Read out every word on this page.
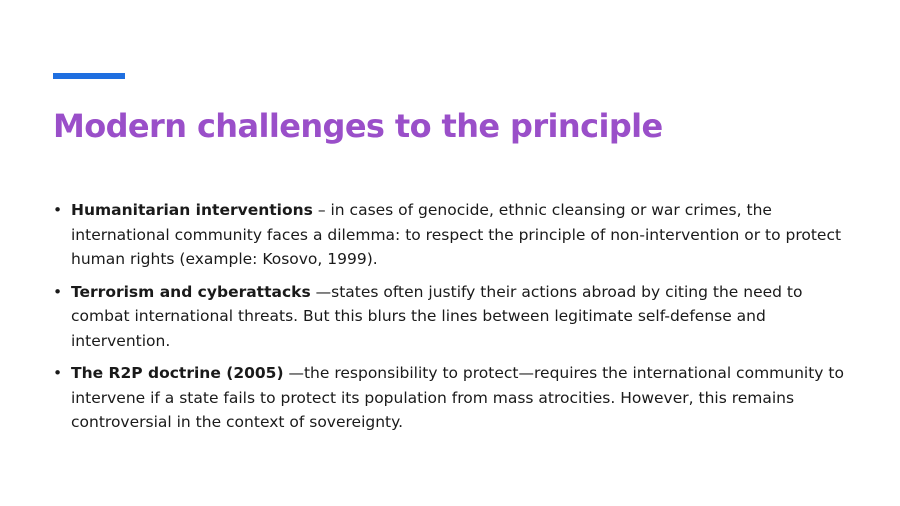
Modern challenges to the principle
• Humanitarian interventions – in cases of genocide, ethnic cleansing or war crimes, the international community faces a dilemma: to respect the principle of non-intervention or to protect human rights (example: Kosovo, 1999).
• Terrorism and cyberattacks —states often justify their actions abroad by citing the need to combat international threats. But this blurs the lines between legitimate self-defense and intervention.
• The R2P doctrine (2005) —the responsibility to protect—requires the international community to intervene if a state fails to protect its population from mass atrocities. However, this remains controversial in the context of sovereignty.
